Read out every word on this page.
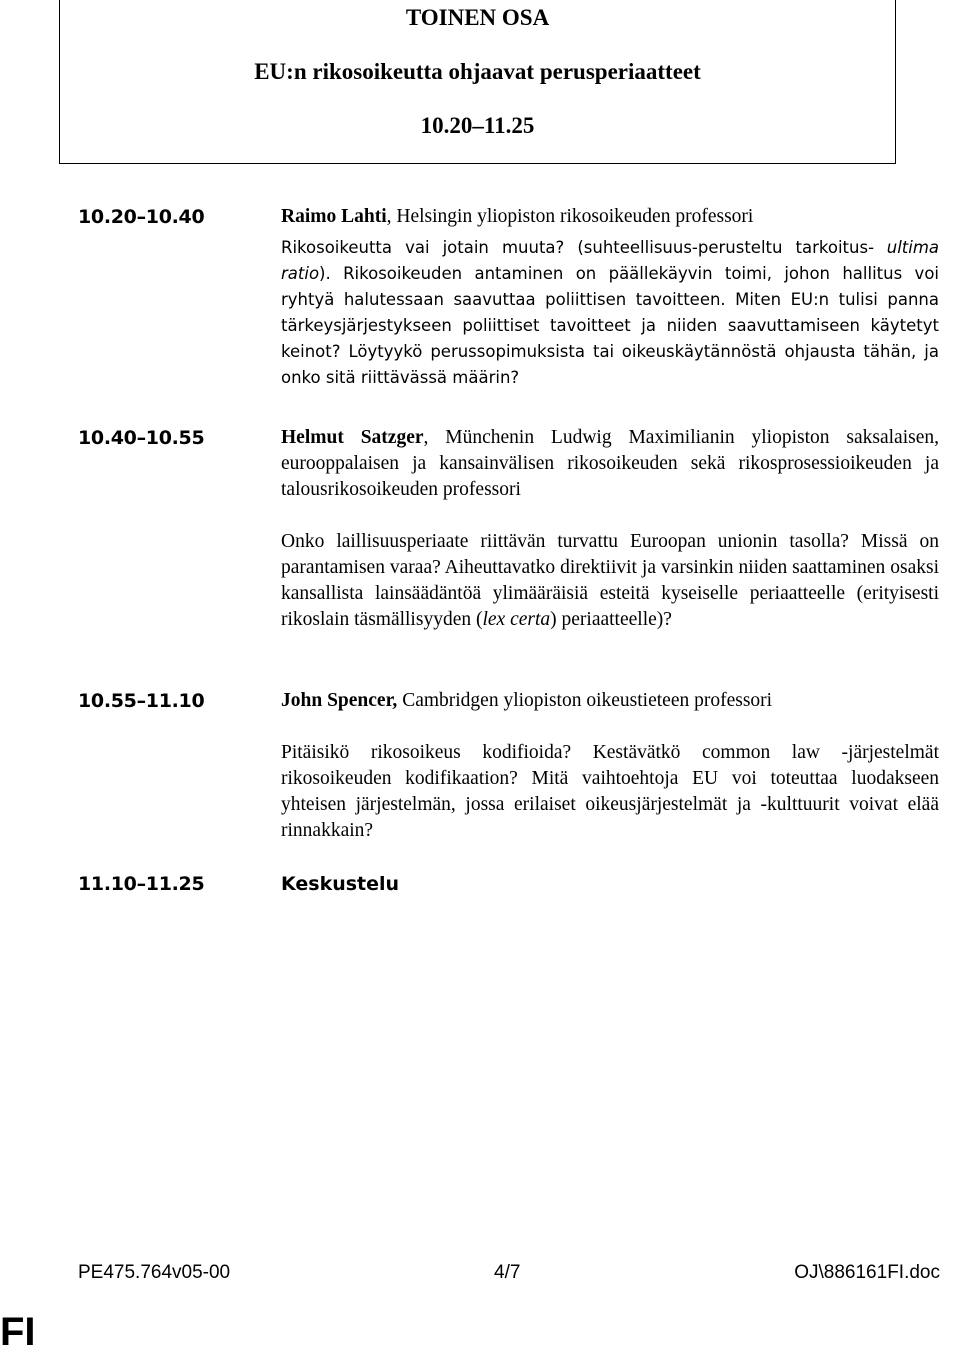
TOINEN OSA
EU:n rikosoikeutta ohjaavat perusperiaatteet
10.20–11.25
10.20–10.40	Raimo Lahti, Helsingin yliopiston rikosoikeuden professori

Rikosoikeutta vai jotain muuta? (suhteellisuus-perusteltu tarkoitus- ultima ratio). Rikosoikeuden antaminen on päällekäyvin toimi, johon hallitus voi ryhtyä halutessaan saavuttaa poliittisen tavoitteen. Miten EU:n tulisi panna tärkeysjärjestykseen poliittiset tavoitteet ja niiden saavuttamiseen käytetyt keinot? Löytyykö perussopimuksista tai oikeuskäytännöstä ohjausta tähän, ja onko sitä riittävässä määrin?

10.40–10.55	Helmut Satzger, Münchenin Ludwig Maximilianin yliopiston saksalaisen, eurooppalaisen ja kansainvälisen rikosoikeuden sekä rikosprosessioikeuden ja talousrikosoikeuden professori

Onko laillisuusperiaate riittävän turvattu Euroopan unionin tasolla? Missä on parantamisen varaa? Aiheuttavatko direktiivit ja varsinkin niiden saattaminen osaksi kansallista lainsäädäntöä ylimääräisiä esteitä kyseiselle periaatteelle (erityisesti rikoslain täsmällisyyden (lex certa) periaatteelle)?

10.55–11.10	John Spencer, Cambridgen yliopiston oikeustieteen professori

Pitäisikö rikosoikeus kodifioida? Kestävätkö common law -järjestelmät rikosoikeuden kodifikaation? Mitä vaihtoehtoja EU voi toteuttaa luodakseen yhteisen järjestelmän, jossa erilaiset oikeusjärjestelmät ja -kulttuurit voivat elää rinnakkain?

11.10–11.25	Keskustelu
PE475.764v05-00	4/7	OJ\886161FI.doc
FI
